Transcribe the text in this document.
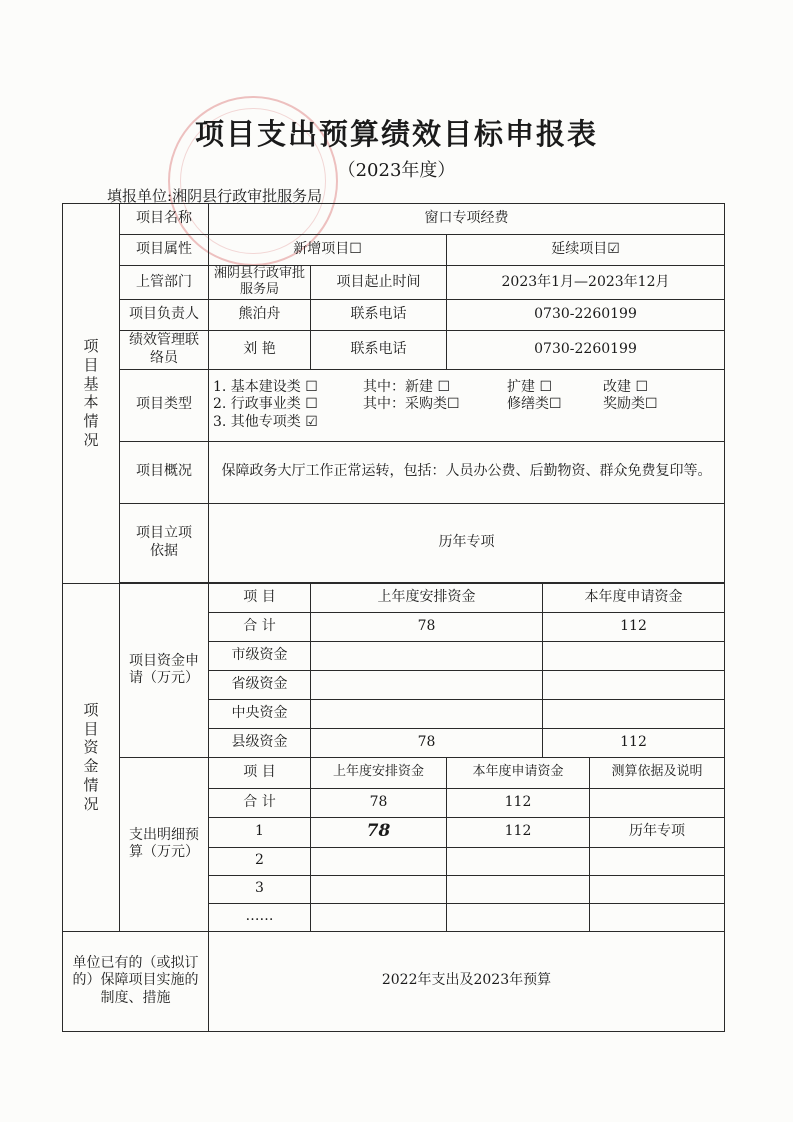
项目支出预算绩效目标申报表
（2023年度）
填报单位:湘阴县行政审批服务局
项目基本情况	项目名称	窗口专项经费				
	项目属性	新增项目☐		延续项目☑		
	上管部门	湘阴县行政审批服务局	项目起止时间	2023年1月—2023年12月		
	项目负责人	熊泊舟	联系电话	0730-2260199		
	绩效管理联络员	刘 艳	联系电话	0730-2260199		
	项目类型	1. 基本建设类 ☐ 其中：新建 ☐ 扩建 ☐ 改建 ☐
2. 行政事业类 ☐ 其中：采购类☐ 修缮类☐ 奖励类☐
3. 其他专项类 ☑				

	项目概况	保障政务大厅工作正常运转，包括：人员办公费、后勤物资、群众免费复印等。				

	项目立项依据	历年专项				

项目资金情况	项目资金申请（万元）	项 目	上年度安排资金		本年度申请资金	
		合 计	78		112	
		市级资金				
		省级资金				
		中央资金				
		县级资金	78		112	

	支出明细预算（万元）	项 目	上年度安排资金	本年度申请资金		测算依据及说明
		合 计	78	112		
		1	78	112		历年专项
		2				
		3				
		……				

单位已有的（或拟订的）保障项目实施的制度、措施		2022年支出及2023年预算				
